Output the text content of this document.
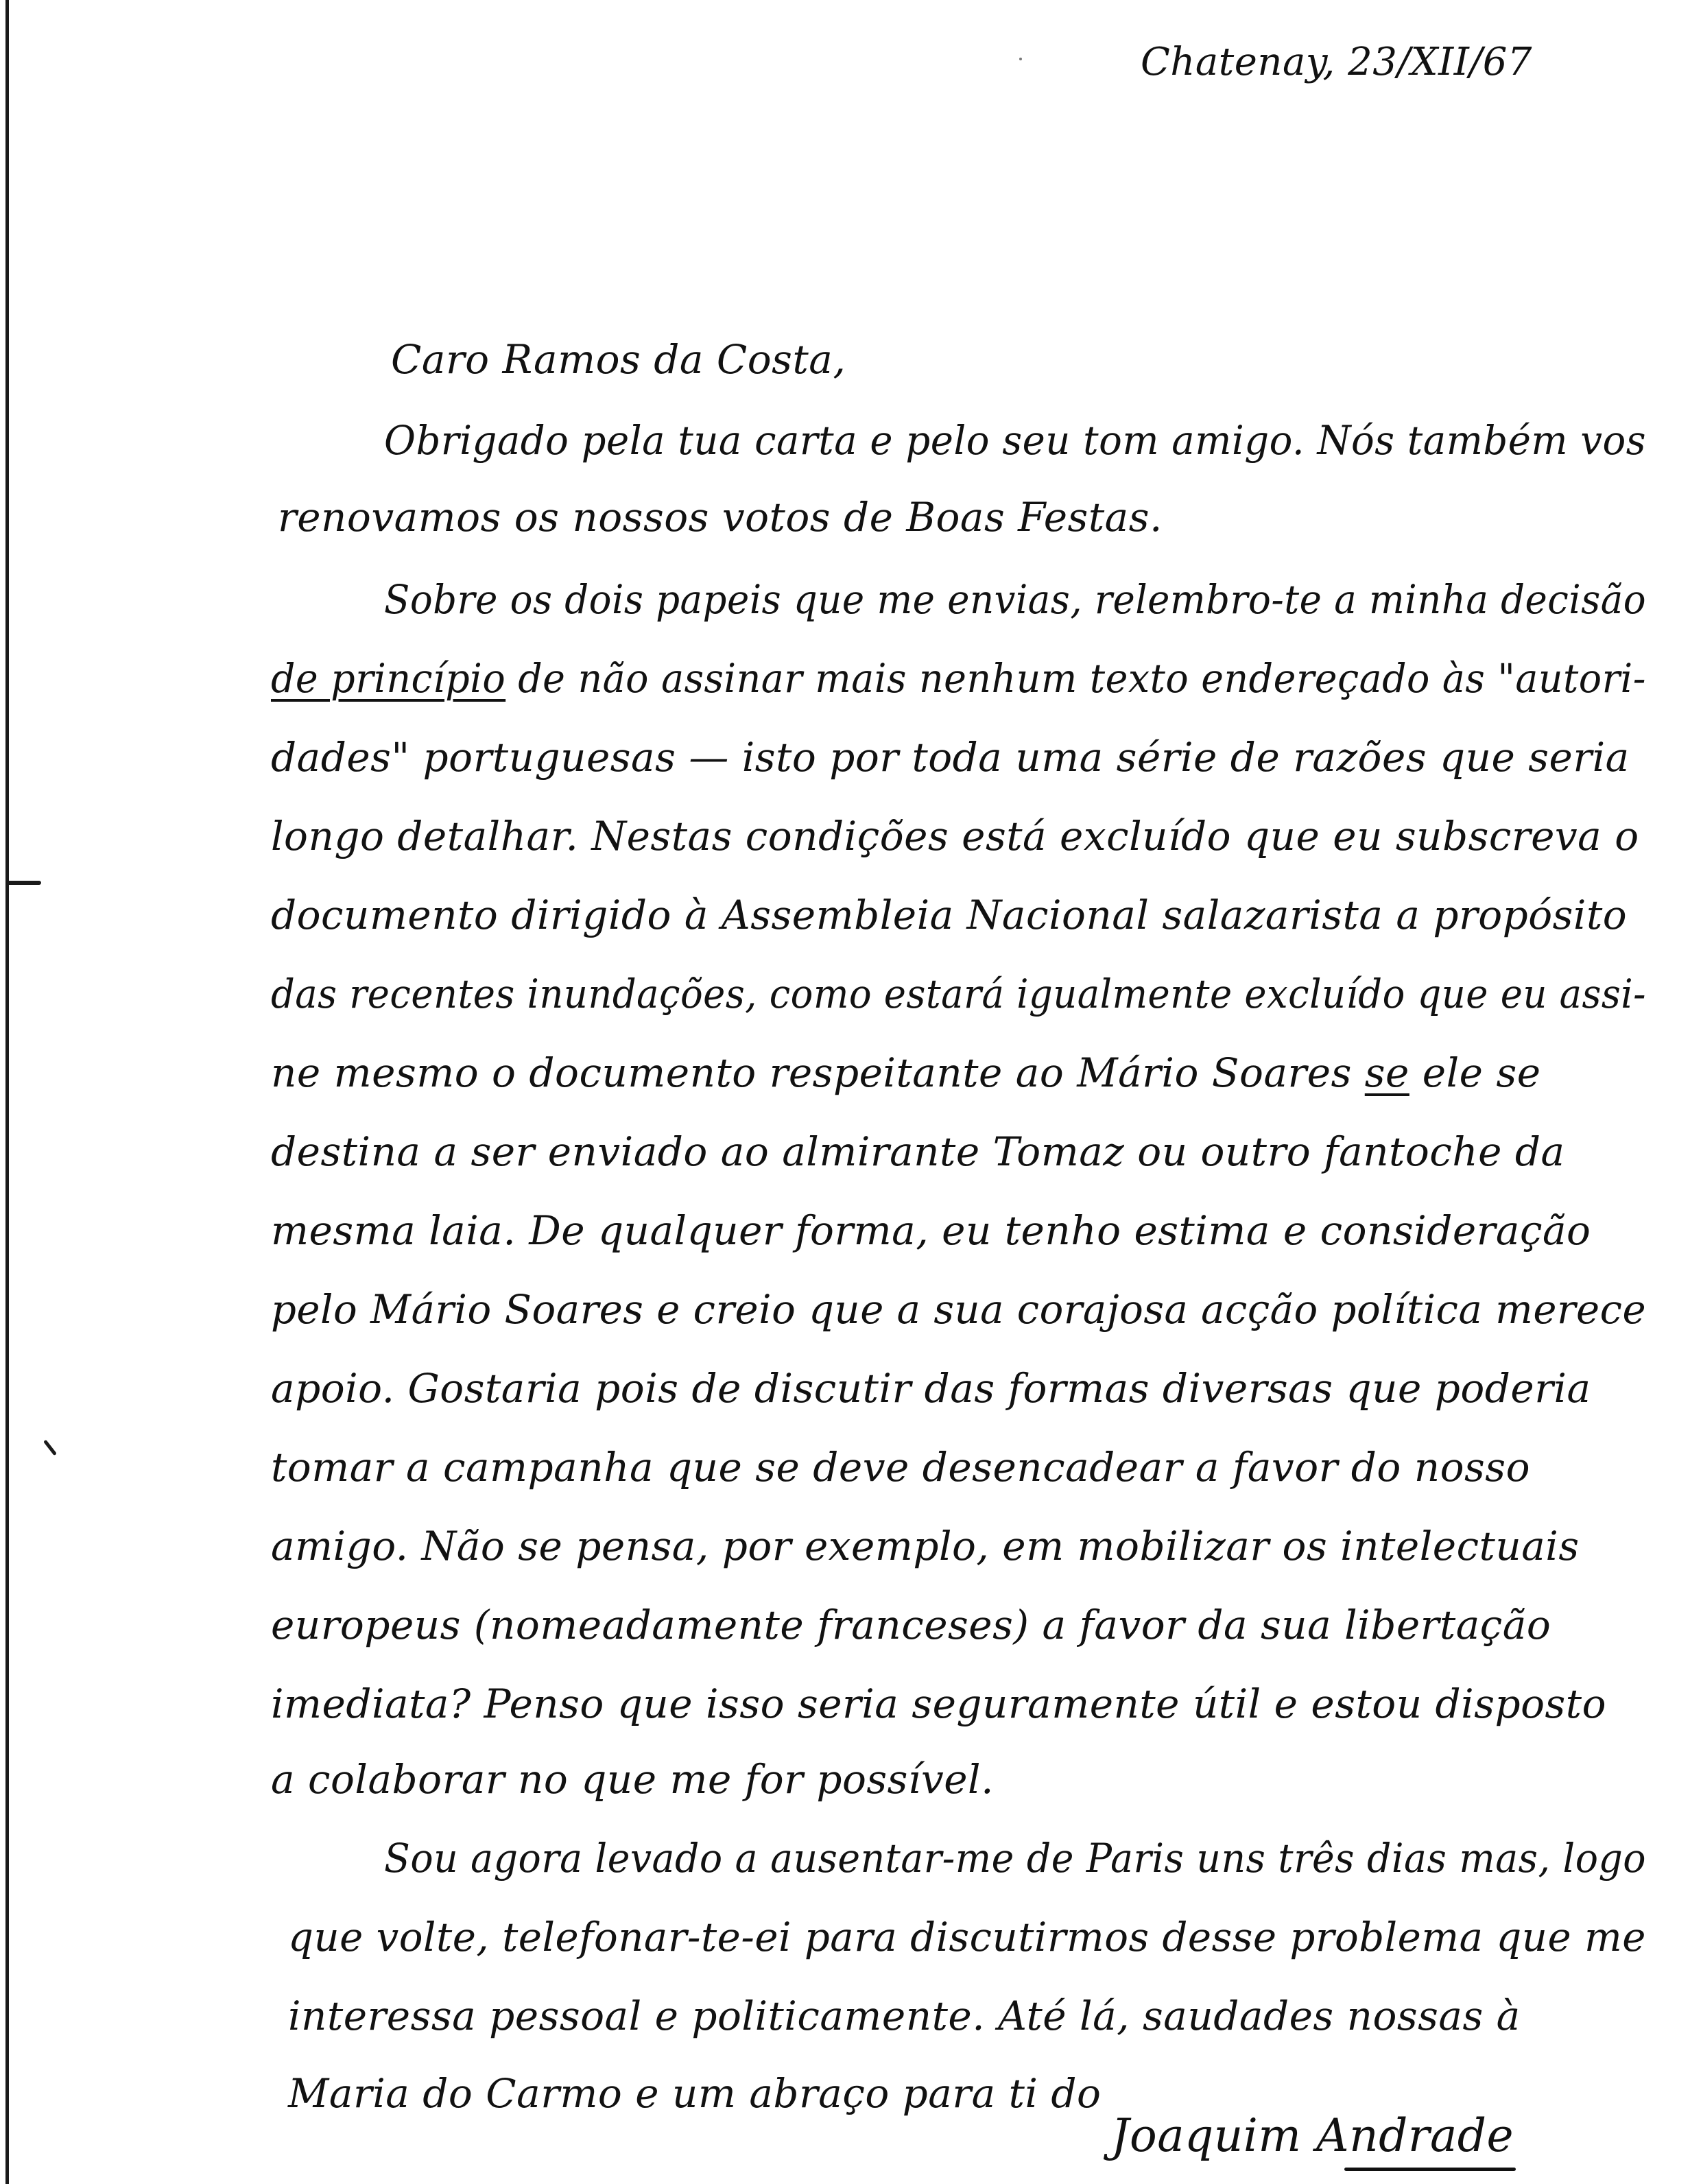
Chatenay, 23/XII/67
Caro Ramos da Costa,
Obrigado pela tua carta e pelo seu tom amigo. Nós também vos
renovamos os nossos votos de Boas Festas.
Sobre os dois papeis que me envias, relembro-te a minha decisão
de princípio de não assinar mais nenhum texto endereçado às "autori-
dades" portuguesas — isto por toda uma série de razões que seria
longo detalhar. Nestas condições está excluído que eu subscreva o
documento dirigido à Assembleia Nacional salazarista a propósito
das recentes inundações, como estará igualmente excluído que eu assi-
ne mesmo o documento respeitante ao Mário Soares se ele se
destina a ser enviado ao almirante Tomaz ou outro fantoche da
mesma laia. De qualquer forma, eu tenho estima e consideração
pelo Mário Soares e creio que a sua corajosa acção política merece
apoio. Gostaria pois de discutir das formas diversas que poderia
tomar a campanha que se deve desencadear a favor do nosso
amigo. Não se pensa, por exemplo, em mobilizar os intelectuais
europeus (nomeadamente franceses) a favor da sua libertação
imediata? Penso que isso seria seguramente útil e estou disposto
a colaborar no que me for possível.
Sou agora levado a ausentar-me de Paris uns três dias mas, logo
que volte, telefonar-te-ei para discutirmos desse problema que me
interessa pessoal e politicamente. Até lá, saudades nossas à
Maria do Carmo e um abraço para ti do
Joaquim Andrade
